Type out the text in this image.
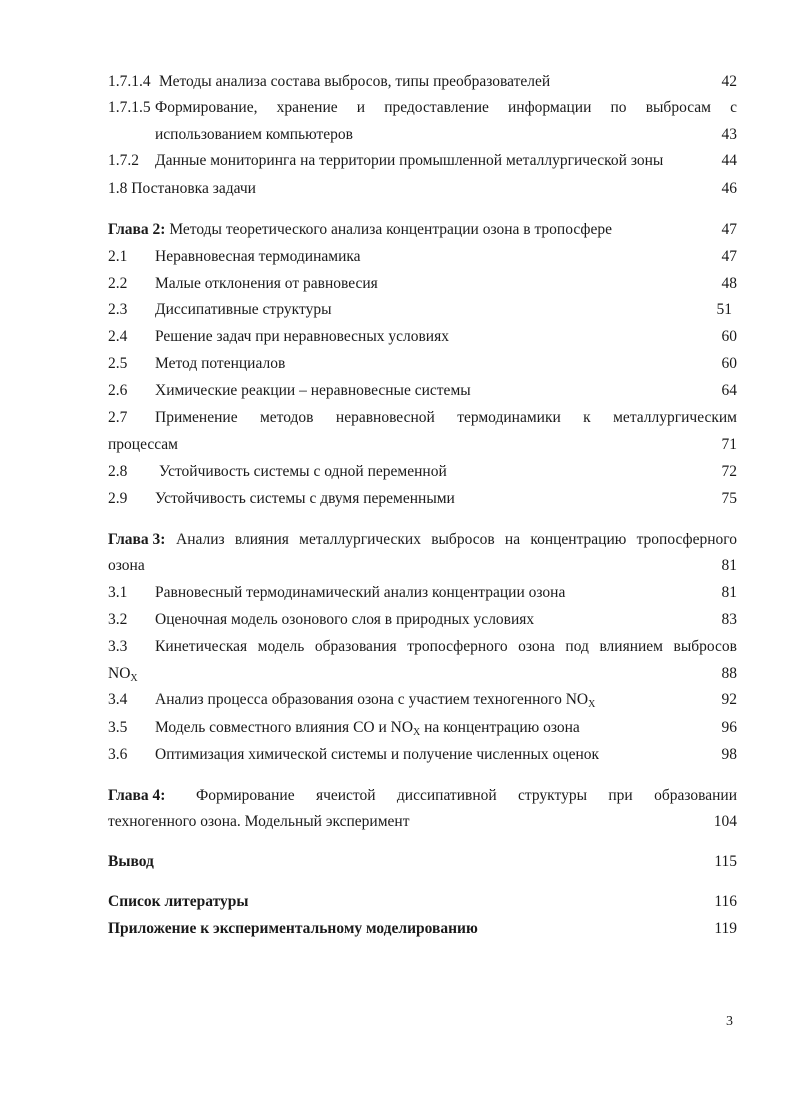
1.7.1.4 Методы анализа состава выбросов, типы преобразователей	42
1.7.1.5 Формирование, хранение и предоставление информации по выбросам с
использованием компьютеров	43
1.7.2 Данные мониторинга на территории промышленной металлургической зоны	44
1.8 Постановка задачи	46
Глава 2: Методы теоретического анализа концентрации озона в тропосфере	47
2.1 Неравновесная термодинамика	47
2.2 Малые отклонения от равновесия	48
2.3 Диссипативные структуры	51
2.4 Решение задач при неравновесных условиях	60
2.5 Метод потенциалов	60
2.6 Химические реакции – неравновесные системы	64
2.7 Применение методов неравновесной термодинамики к металлургическим
процессам	71
2.8 Устойчивость системы с одной переменной	72
2.9 Устойчивость системы с двумя переменными	75
Глава 3: Анализ влияния металлургических выбросов на концентрацию тропосферного
озона	81
3.1 Равновесный термодинамический анализ концентрации озона	81
3.2 Оценочная модель озонового слоя в природных условиях	83
3.3 Кинетическая модель образования тропосферного озона под влиянием выбросов
$NO_X$	88
3.4 Анализ процесса образования озона с участием техногенного $NO_X$	92
3.5 Модель совместного влияния CO и $NO_X$ на концентрацию озона	96
3.6 Оптимизация химической системы и получение численных оценок	98
Глава 4: Формирование ячеистой диссипативной структуры при образовании
техногенного озона. Модельный эксперимент	104
Вывод	115
Список литературы	116
Приложение к экспериментальному моделированию	119
3
